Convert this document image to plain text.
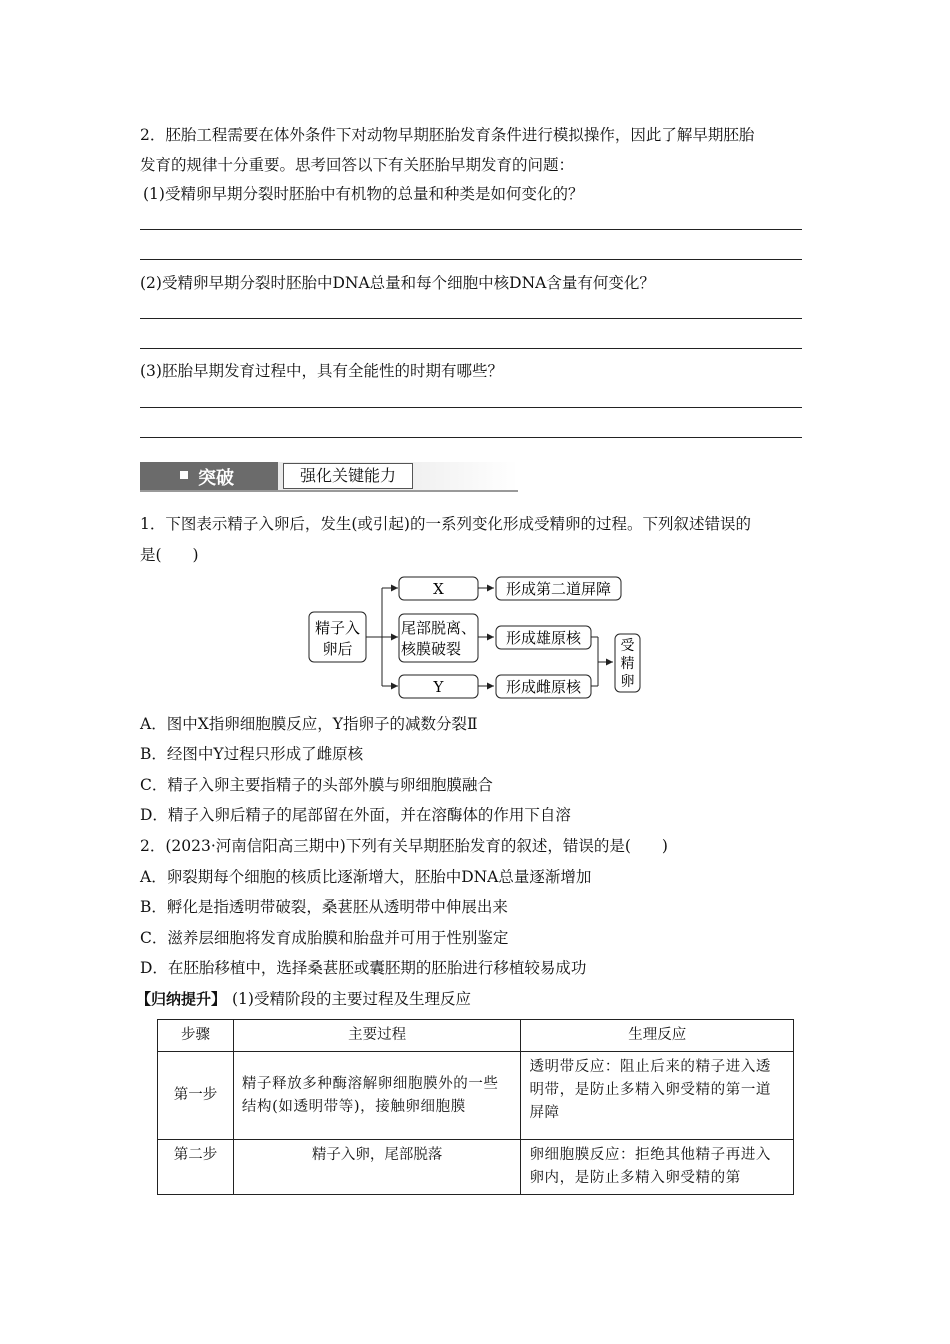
2．胚胎工程需要在体外条件下对动物早期胚胎发育条件进行模拟操作，因此了解早期胚胎
发育的规律十分重要。思考回答以下有关胚胎早期发育的问题：
(1)受精卵早期分裂时胚胎中有机物的总量和种类是如何变化的？
(2)受精卵早期分裂时胚胎中DNA总量和每个细胞中核DNA含量有何变化？
(3)胚胎早期发育过程中，具有全能性的时期有哪些？
突破	强化关键能力
1．下图表示精子入卵后，发生(或引起)的一系列变化形成受精卵的过程。下列叙述错误的
是(　　)
精子入
卵后
X
尾部脱离、
核膜破裂
Y
形成第二道屏障
形成雄原核
形成雌原核
受
精
卵
A．图中X指卵细胞膜反应，Y指卵子的减数分裂Ⅱ
B．经图中Y过程只形成了雌原核
C．精子入卵主要指精子的头部外膜与卵细胞膜融合
D．精子入卵后精子的尾部留在外面，并在溶酶体的作用下自溶
2．(2023·河南信阳高三期中)下列有关早期胚胎发育的叙述，错误的是(　　)
A．卵裂期每个细胞的核质比逐渐增大，胚胎中DNA总量逐渐增加
B．孵化是指透明带破裂，桑葚胚从透明带中伸展出来
C．滋养层细胞将发育成胎膜和胎盘并可用于性别鉴定
D．在胚胎移植中，选择桑葚胚或囊胚期的胚胎进行移植较易成功
【归纳提升】 (1)受精阶段的主要过程及生理反应
步骤	主要过程	生理反应
第一步	精子释放多种酶溶解卵细胞膜外的一些结构(如透明带等)，接触卵细胞膜	透明带反应：阻止后来的精子进入透明带，是防止多精入卵受精的第一道屏障
第二步	精子入卵，尾部脱落	卵细胞膜反应：拒绝其他精子再进入卵内，是防止多精入卵受精的第
